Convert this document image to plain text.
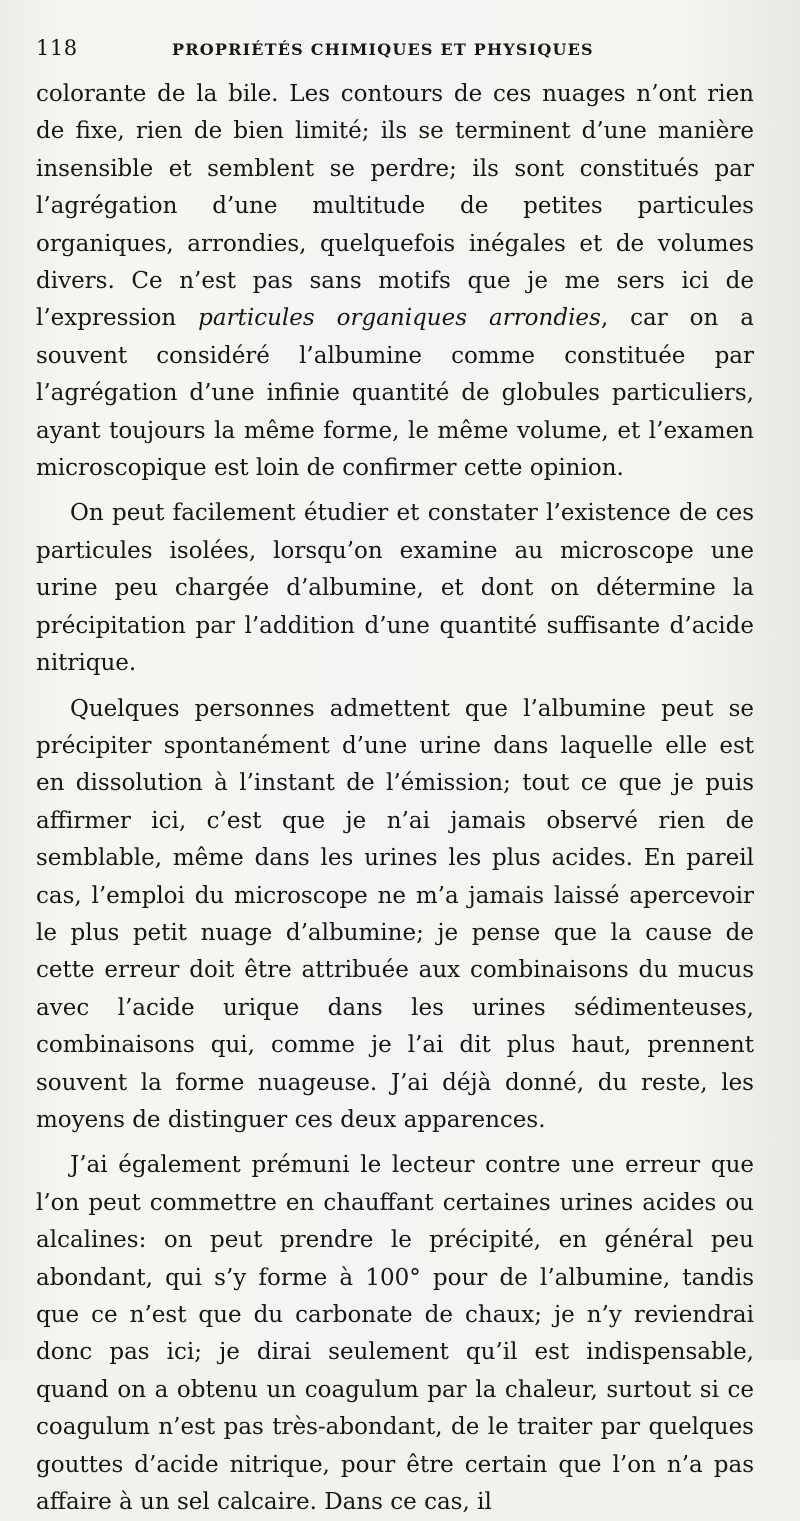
118	PROPRIÉTÉS CHIMIQUES ET PHYSIQUES

colorante de la bile. Les contours de ces nuages n’ont rien de fixe, rien de bien limité; ils se terminent d’une manière insensible et semblent se perdre; ils sont constitués par l’agrégation d’une multitude de petites particules organiques, arrondies, quelquefois inégales et de volumes divers. Ce n’est pas sans motifs que je me sers ici de l’expression particules organiques arrondies, car on a souvent considéré l’albumine comme constituée par l’agrégation d’une infinie quantité de globules particuliers, ayant toujours la même forme, le même volume, et l’examen microscopique est loin de confirmer cette opinion.

On peut facilement étudier et constater l’existence de ces particules isolées, lorsqu’on examine au microscope une urine peu chargée d’albumine, et dont on détermine la précipitation par l’addition d’une quantité suffisante d’acide nitrique.

Quelques personnes admettent que l’albumine peut se précipiter spontanément d’une urine dans laquelle elle est en dissolution à l’instant de l’émission; tout ce que je puis affirmer ici, c’est que je n’ai jamais observé rien de semblable, même dans les urines les plus acides. En pareil cas, l’emploi du microscope ne m’a jamais laissé apercevoir le plus petit nuage d’albumine; je pense que la cause de cette erreur doit être attribuée aux combinaisons du mucus avec l’acide urique dans les urines sédimenteuses, combinaisons qui, comme je l’ai dit plus haut, prennent souvent la forme nuageuse. J’ai déjà donné, du reste, les moyens de distinguer ces deux apparences.

J’ai également prémuni le lecteur contre une erreur que l’on peut commettre en chauffant certaines urines acides ou alcalines: on peut prendre le précipité, en général peu abondant, qui s’y forme à 100° pour de l’albumine, tandis que ce n’est que du carbonate de chaux; je n’y reviendrai donc pas ici; je dirai seulement qu’il est indispensable, quand on a obtenu un coagulum par la chaleur, surtout si ce coagulum n’est pas très-abondant, de le traiter par quelques gouttes d’acide nitrique, pour être certain que l’on n’a pas affaire à un sel calcaire. Dans ce cas, il
